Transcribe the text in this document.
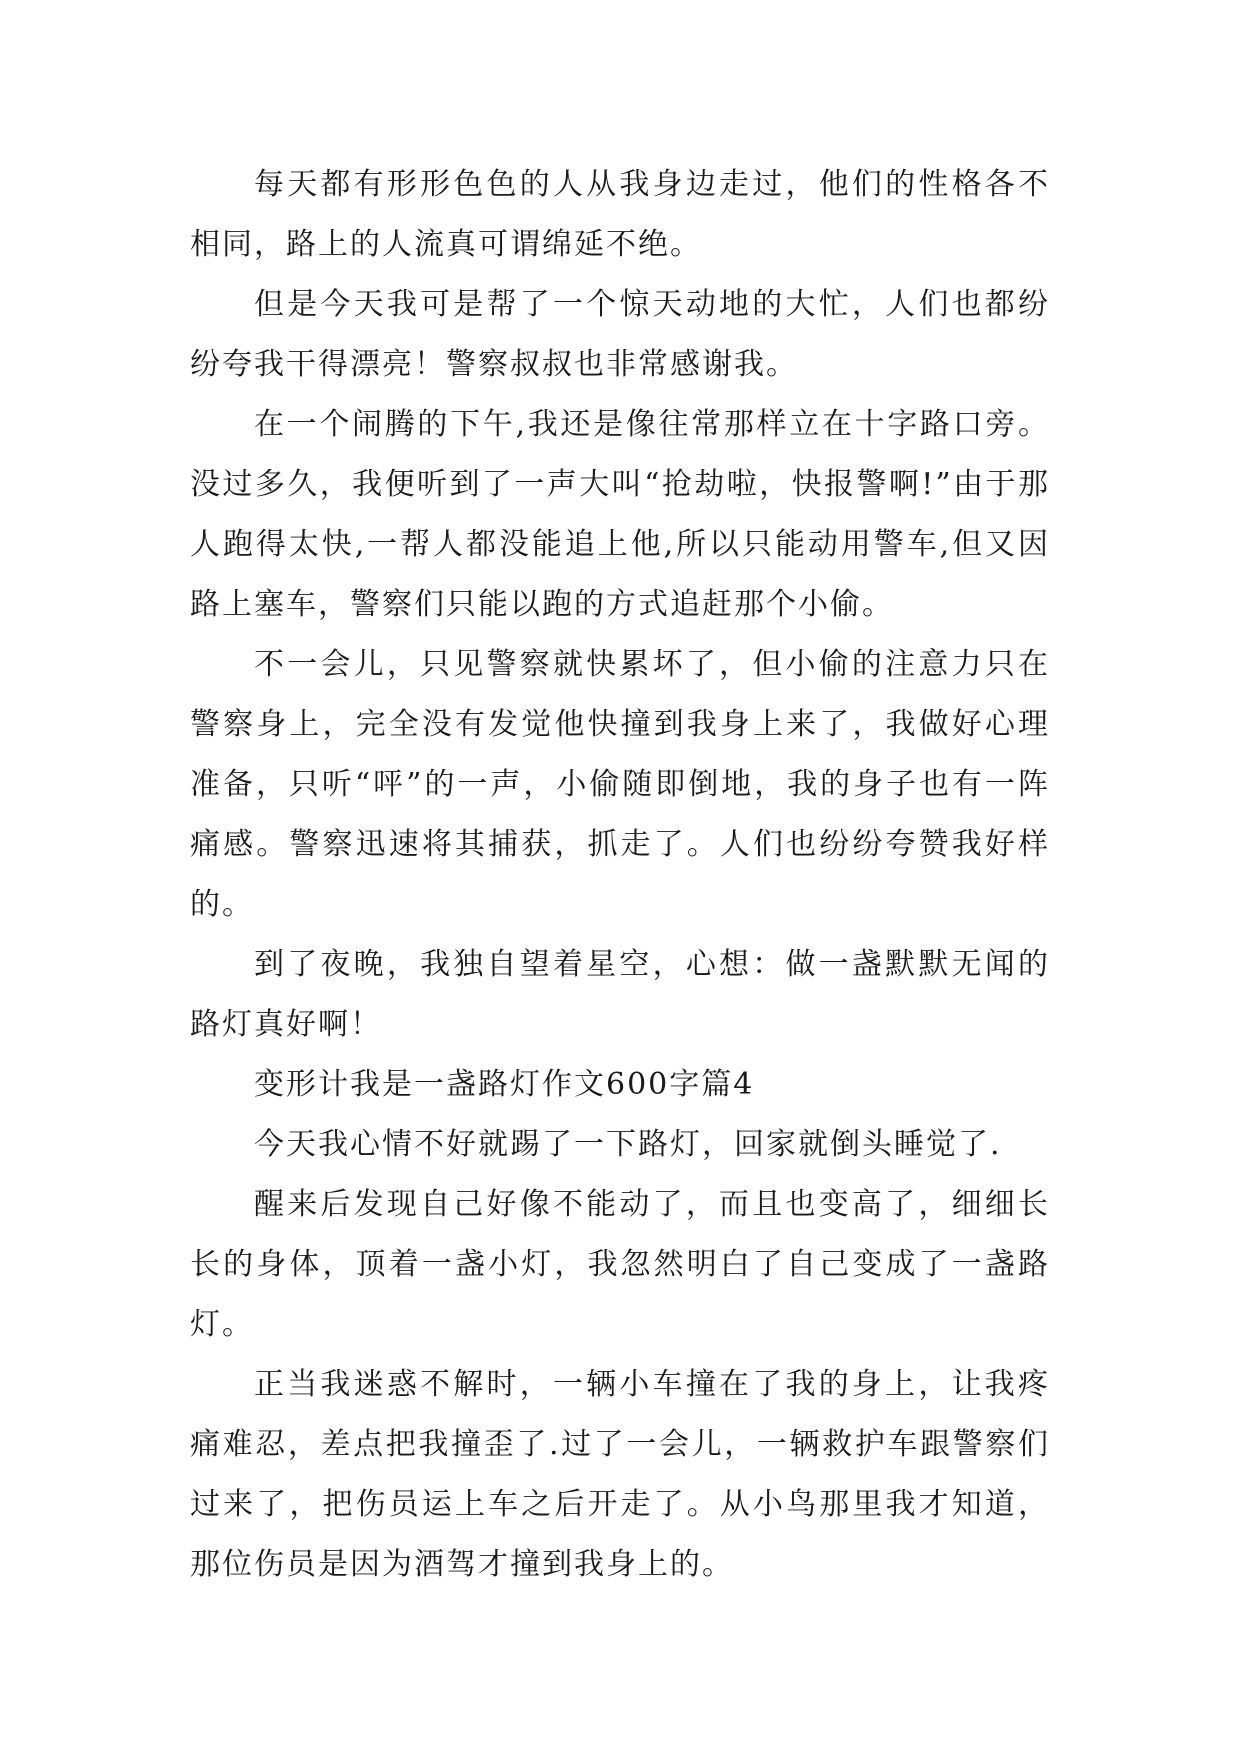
每天都有形形色色的人从我身边走过，他们的性格各不相同，路上的人流真可谓绵延不绝。

但是今天我可是帮了一个惊天动地的大忙，人们也都纷纷夸我干得漂亮！警察叔叔也非常感谢我。

在一个闹腾的下午,我还是像往常那样立在十字路口旁。没过多久，我便听到了一声大叫“抢劫啦，快报警啊!”由于那人跑得太快,一帮人都没能追上他,所以只能动用警车,但又因路上塞车，警察们只能以跑的方式追赶那个小偷。

不一会儿，只见警察就快累坏了，但小偷的注意力只在警察身上，完全没有发觉他快撞到我身上来了，我做好心理准备，只听“呯”的一声，小偷随即倒地，我的身子也有一阵痛感。警察迅速将其捕获，抓走了。人们也纷纷夸赞我好样的。

到了夜晚，我独自望着星空，心想：做一盏默默无闻的路灯真好啊！

变形计我是一盏路灯作文600字篇4

今天我心情不好就踢了一下路灯，回家就倒头睡觉了.

醒来后发现自己好像不能动了，而且也变高了，细细长长的身体，顶着一盏小灯，我忽然明白了自己变成了一盏路灯。

正当我迷惑不解时，一辆小车撞在了我的身上，让我疼痛难忍，差点把我撞歪了.过了一会儿，一辆救护车跟警察们过来了，把伤员运上车之后开走了。从小鸟那里我才知道，那位伤员是因为酒驾才撞到我身上的。
